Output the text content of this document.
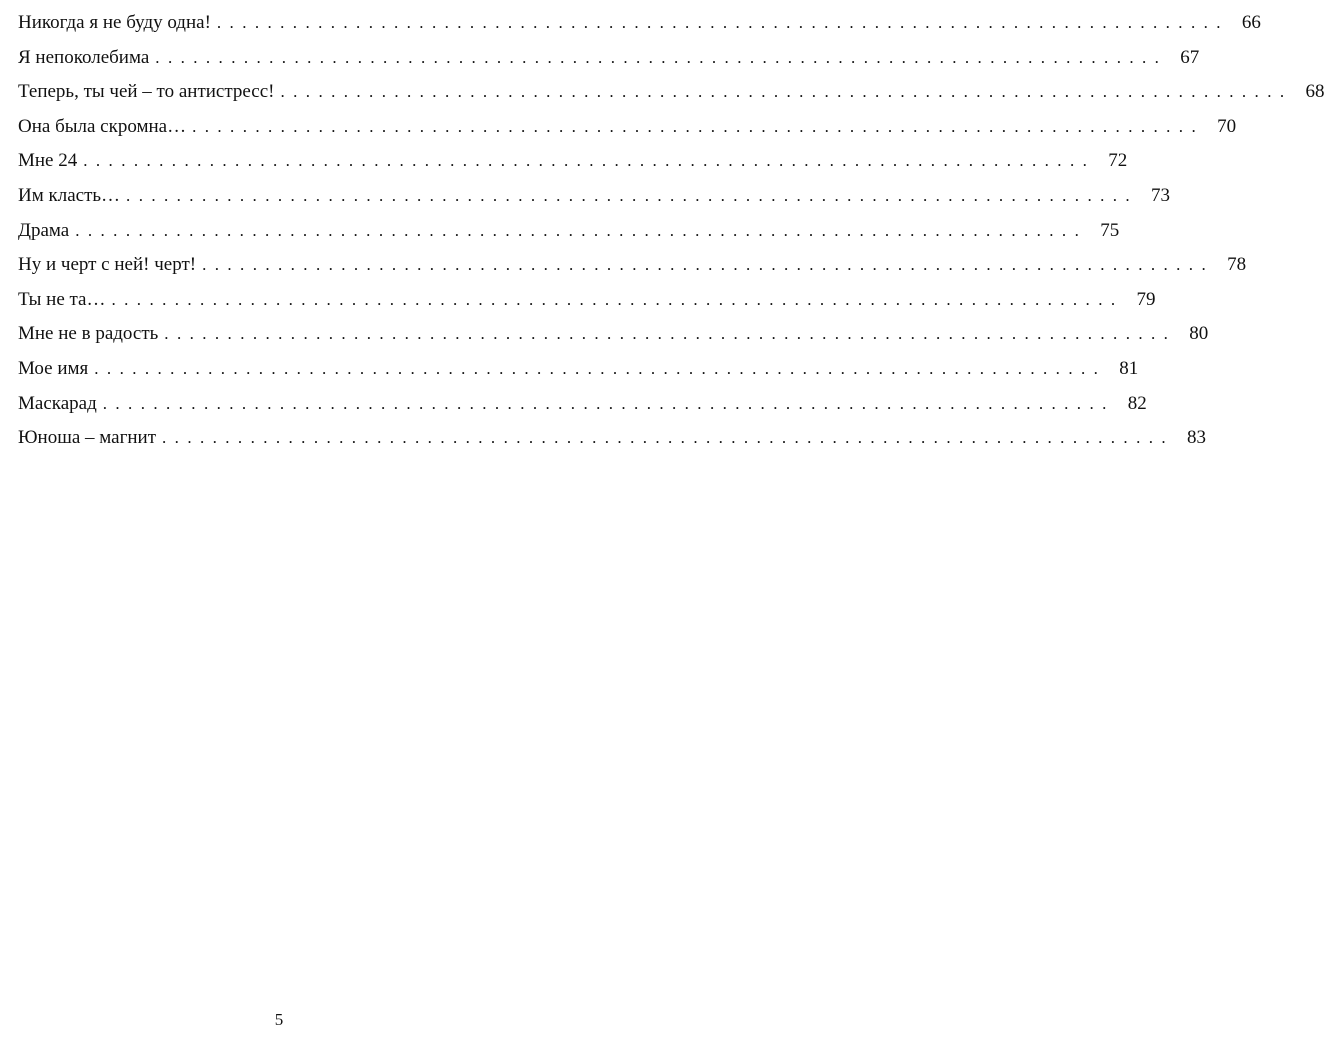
Никогда я не буду одна! ................................................................................ 66
Я непоколебима ................................................................................ 67
Теперь, ты чей – то антистресс! ................................................................................ 68
Она была скромна… ................................................................................ 70
Мне 24 ................................................................................ 72
Им класть… ................................................................................ 73
Драма ................................................................................ 75
Ну и черт с ней! черт! ................................................................................ 78
Ты не та… ................................................................................ 79
Мне не в радость ................................................................................ 80
Мое имя ................................................................................ 81
Маскарад ................................................................................ 82
Юноша – магнит ................................................................................ 83
5
